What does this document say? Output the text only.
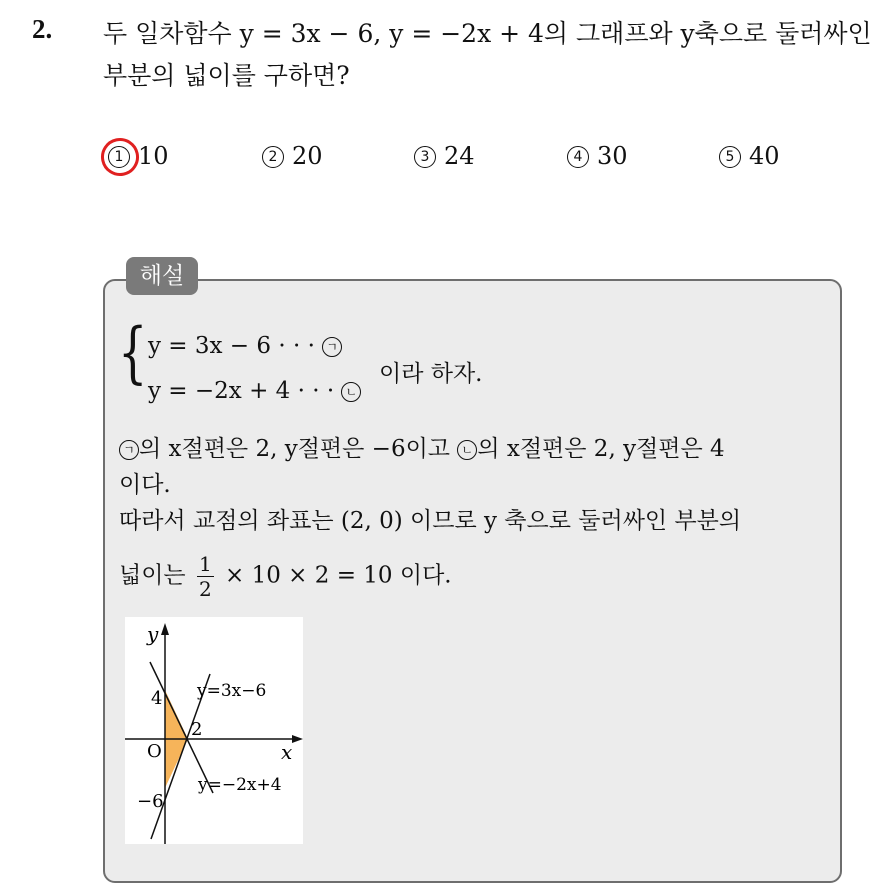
2. 두 일차함수 y = 3x − 6, y = −2x + 4의 그래프와 y축으로 둘러싸인
부분의 넓이를 구하면?
1 10	2 20	3 24	4 30	5 40
해설
{ y = 3x − 6 · · · ㄱ
y = −2x + 4 · · · ㄴ
이라 하자.
ㄱ 의 x절편은 2, y절편은 −6이고 ㄴ 의 x절편은 2, y절편은 4
이다.
따라서 교점의 좌표는 (2, 0) 이므로 y 축으로 둘러싸인 부분의
넓이는 $\frac{1}{2} \times 10 \times 2 = 10$ 이다.
y
x
O
4
2
−6
y=3x−6
y=−2x+4
